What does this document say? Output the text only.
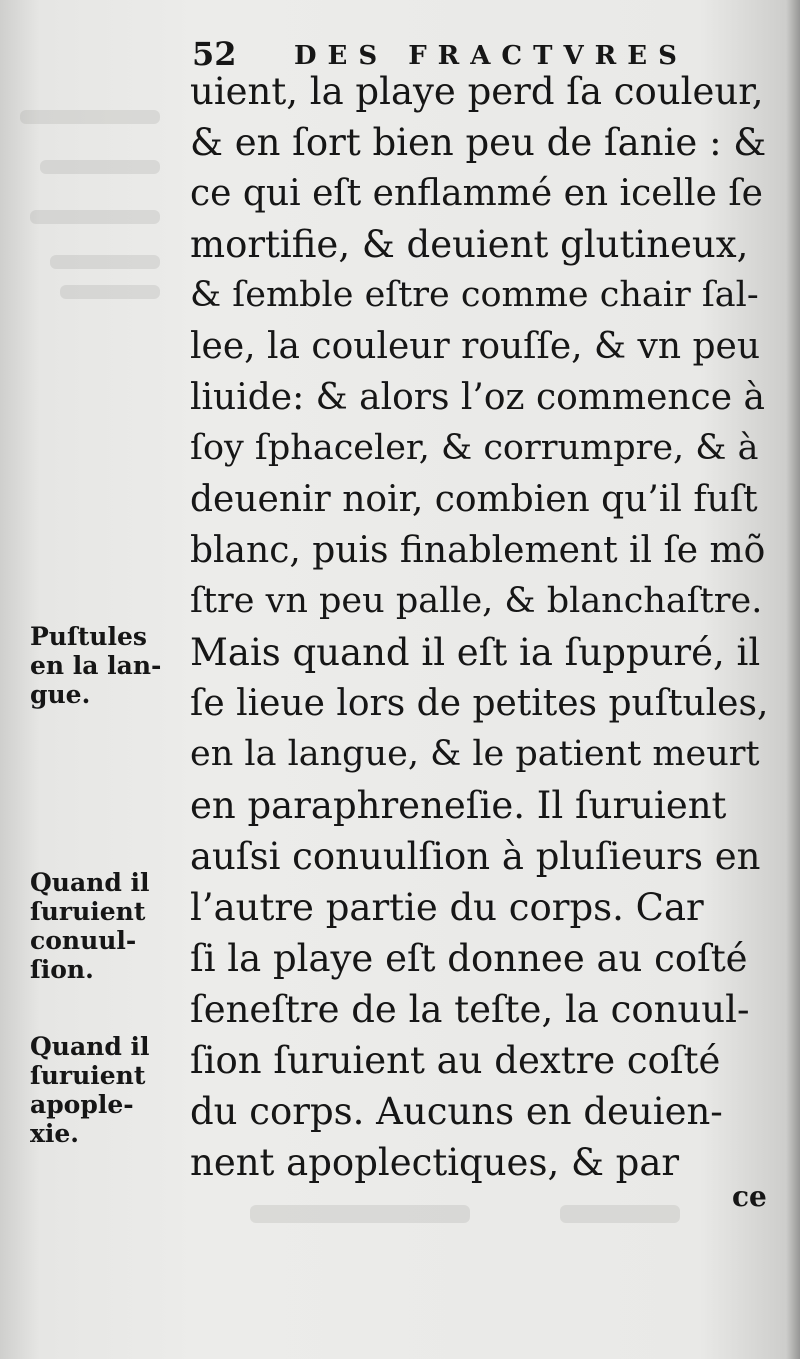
52 DES FRACTVRES
uient, la playe perd ſa couleur,
& en ſort bien peu de ſanie : &
ce qui eſt enflammé en icelle ſe
mortifie, & deuient glutineux,
& ſemble eſtre comme chair ſal-
lee, la couleur rouſſe, & vn peu
liuide: & alors l’oz commence à
ſoy ſphaceler, & corrumpre, & à
deuenir noir, combien qu’il fuſt
blanc, puis finablement il ſe mõ
ſtre vn peu palle, & blanchaſtre.
Mais quand il eſt ia ſuppuré, il
ſe lieue lors de petites puſtules,
en la langue, & le patient meurt
en paraphreneſie. Il ſuruient
auſsi conuulſion à pluſieurs en
l’autre partie du corps. Car
ſi la playe eſt donnee au coſté
ſeneſtre de la teſte, la conuul-
ſion ſuruient au dextre coſté
du corps. Aucuns en deuien-
nent apoplectiques, & par
Puſtules
en la lan-
gue.
Quand il
ſuruient
conuul-
ſion.
Quand il
ſuruient
apople-
xie.
ce
